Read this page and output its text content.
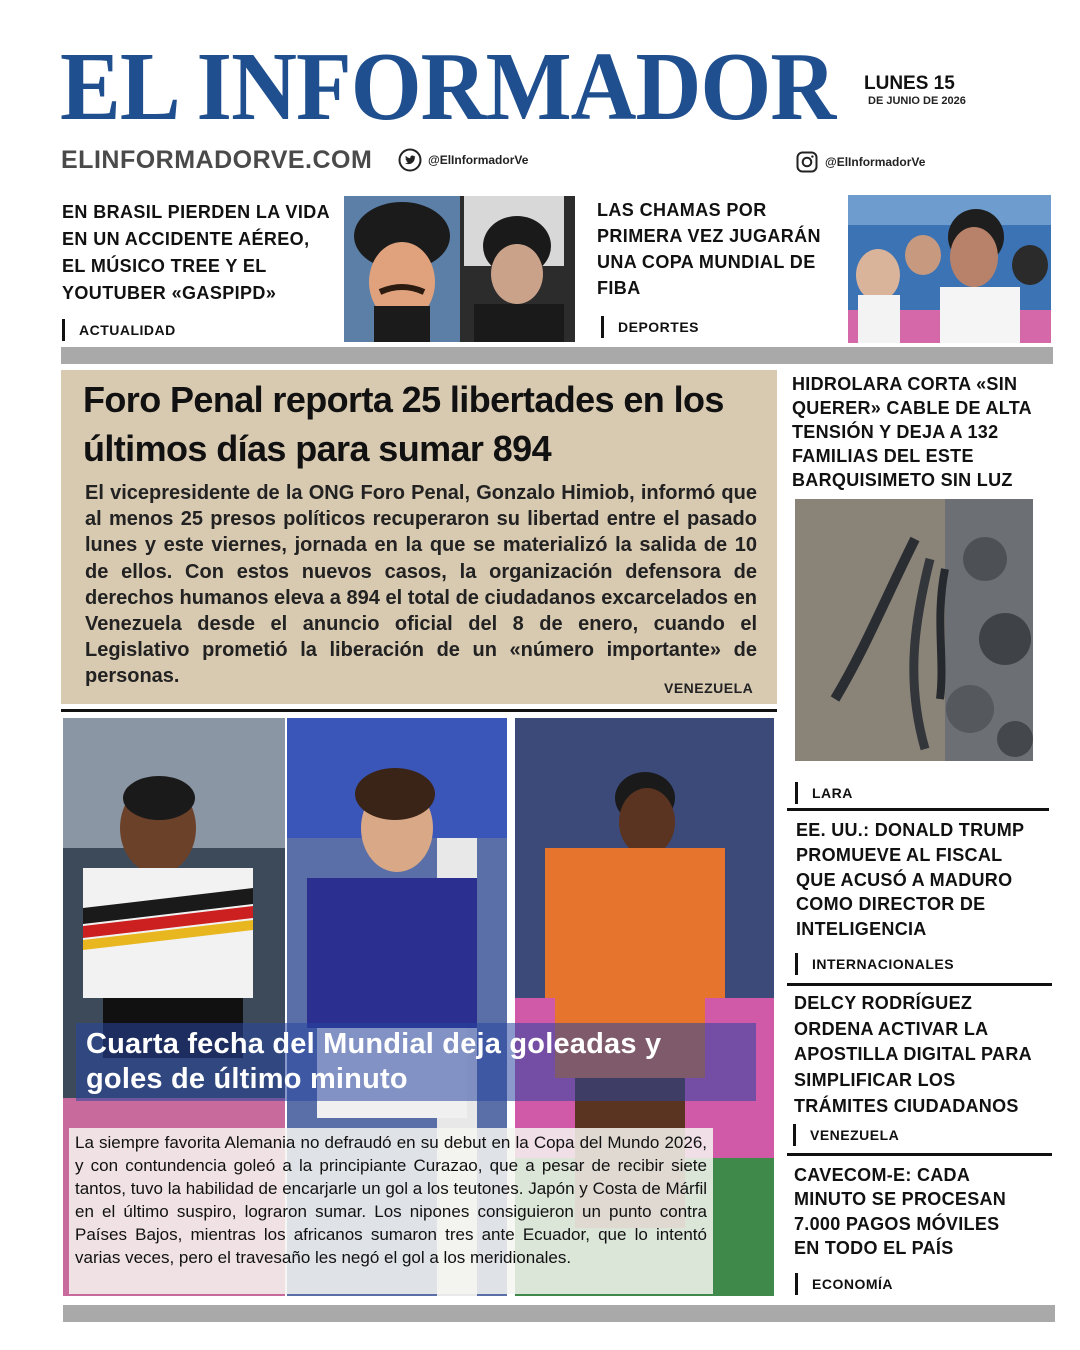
EL INFORMADOR LUNES 15
DE JUNIO DE 2026
ELINFORMADORVE.COM	@ElInformadorVe	@ElInformadorVe
EN BRASIL PIERDEN LA VIDA EN UN ACCIDENTE AÉREO, EL MÚSICO TREE Y EL YOUTUBER «GASPIPD»
ACTUALIDAD
LAS CHAMAS POR PRIMERA VEZ JUGARÁN UNA COPA MUNDIAL DE FIBA
DEPORTES
Foro Penal reporta 25 libertades en los últimos días para sumar 894
El vicepresidente de la ONG Foro Penal, Gonzalo Himiob, informó que al menos 25 presos políticos recuperaron su libertad entre el pasado lunes y este viernes, jornada en la que se materializó la salida de 10 de ellos. Con estos nuevos casos, la organización defensora de derechos humanos eleva a 894 el total de ciudadanos excarcelados en Venezuela desde el anuncio oficial del 8 de enero, cuando el Legislativo prometió la liberación de un «número importante» de personas.
VENEZUELA
Cuarta fecha del Mundial deja goleadas y goles de último minuto
La siempre favorita Alemania no defraudó en su debut en la Copa del Mundo 2026, y con contundencia goleó a la principiante Curazao, que a pesar de recibir siete tantos, tuvo la habilidad de encarjarle un gol a los teutones. Japón y Costa de Márfil en el último suspiro, lograron sumar. Los nipones consiguieron un punto contra Países Bajos, mientras los africanos sumaron tres ante Ecuador, que lo intentó varias veces, pero el travesaño les negó el gol a los meridionales.
HIDROLARA CORTA «SIN QUERER» CABLE DE ALTA TENSIÓN Y DEJA A 132 FAMILIAS DEL ESTE BARQUISIMETO SIN LUZ
LARA
EE. UU.: DONALD TRUMP PROMUEVE AL FISCAL QUE ACUSÓ A MADURO COMO DIRECTOR DE INTELIGENCIA
INTERNACIONALES
DELCY RODRÍGUEZ ORDENA ACTIVAR LA APOSTILLA DIGITAL PARA SIMPLIFICAR LOS TRÁMITES CIUDADANOS
VENEZUELA
CAVECOM-E: CADA MINUTO SE PROCESAN 7.000 PAGOS MÓVILES EN TODO EL PAÍS
ECONOMÍA
